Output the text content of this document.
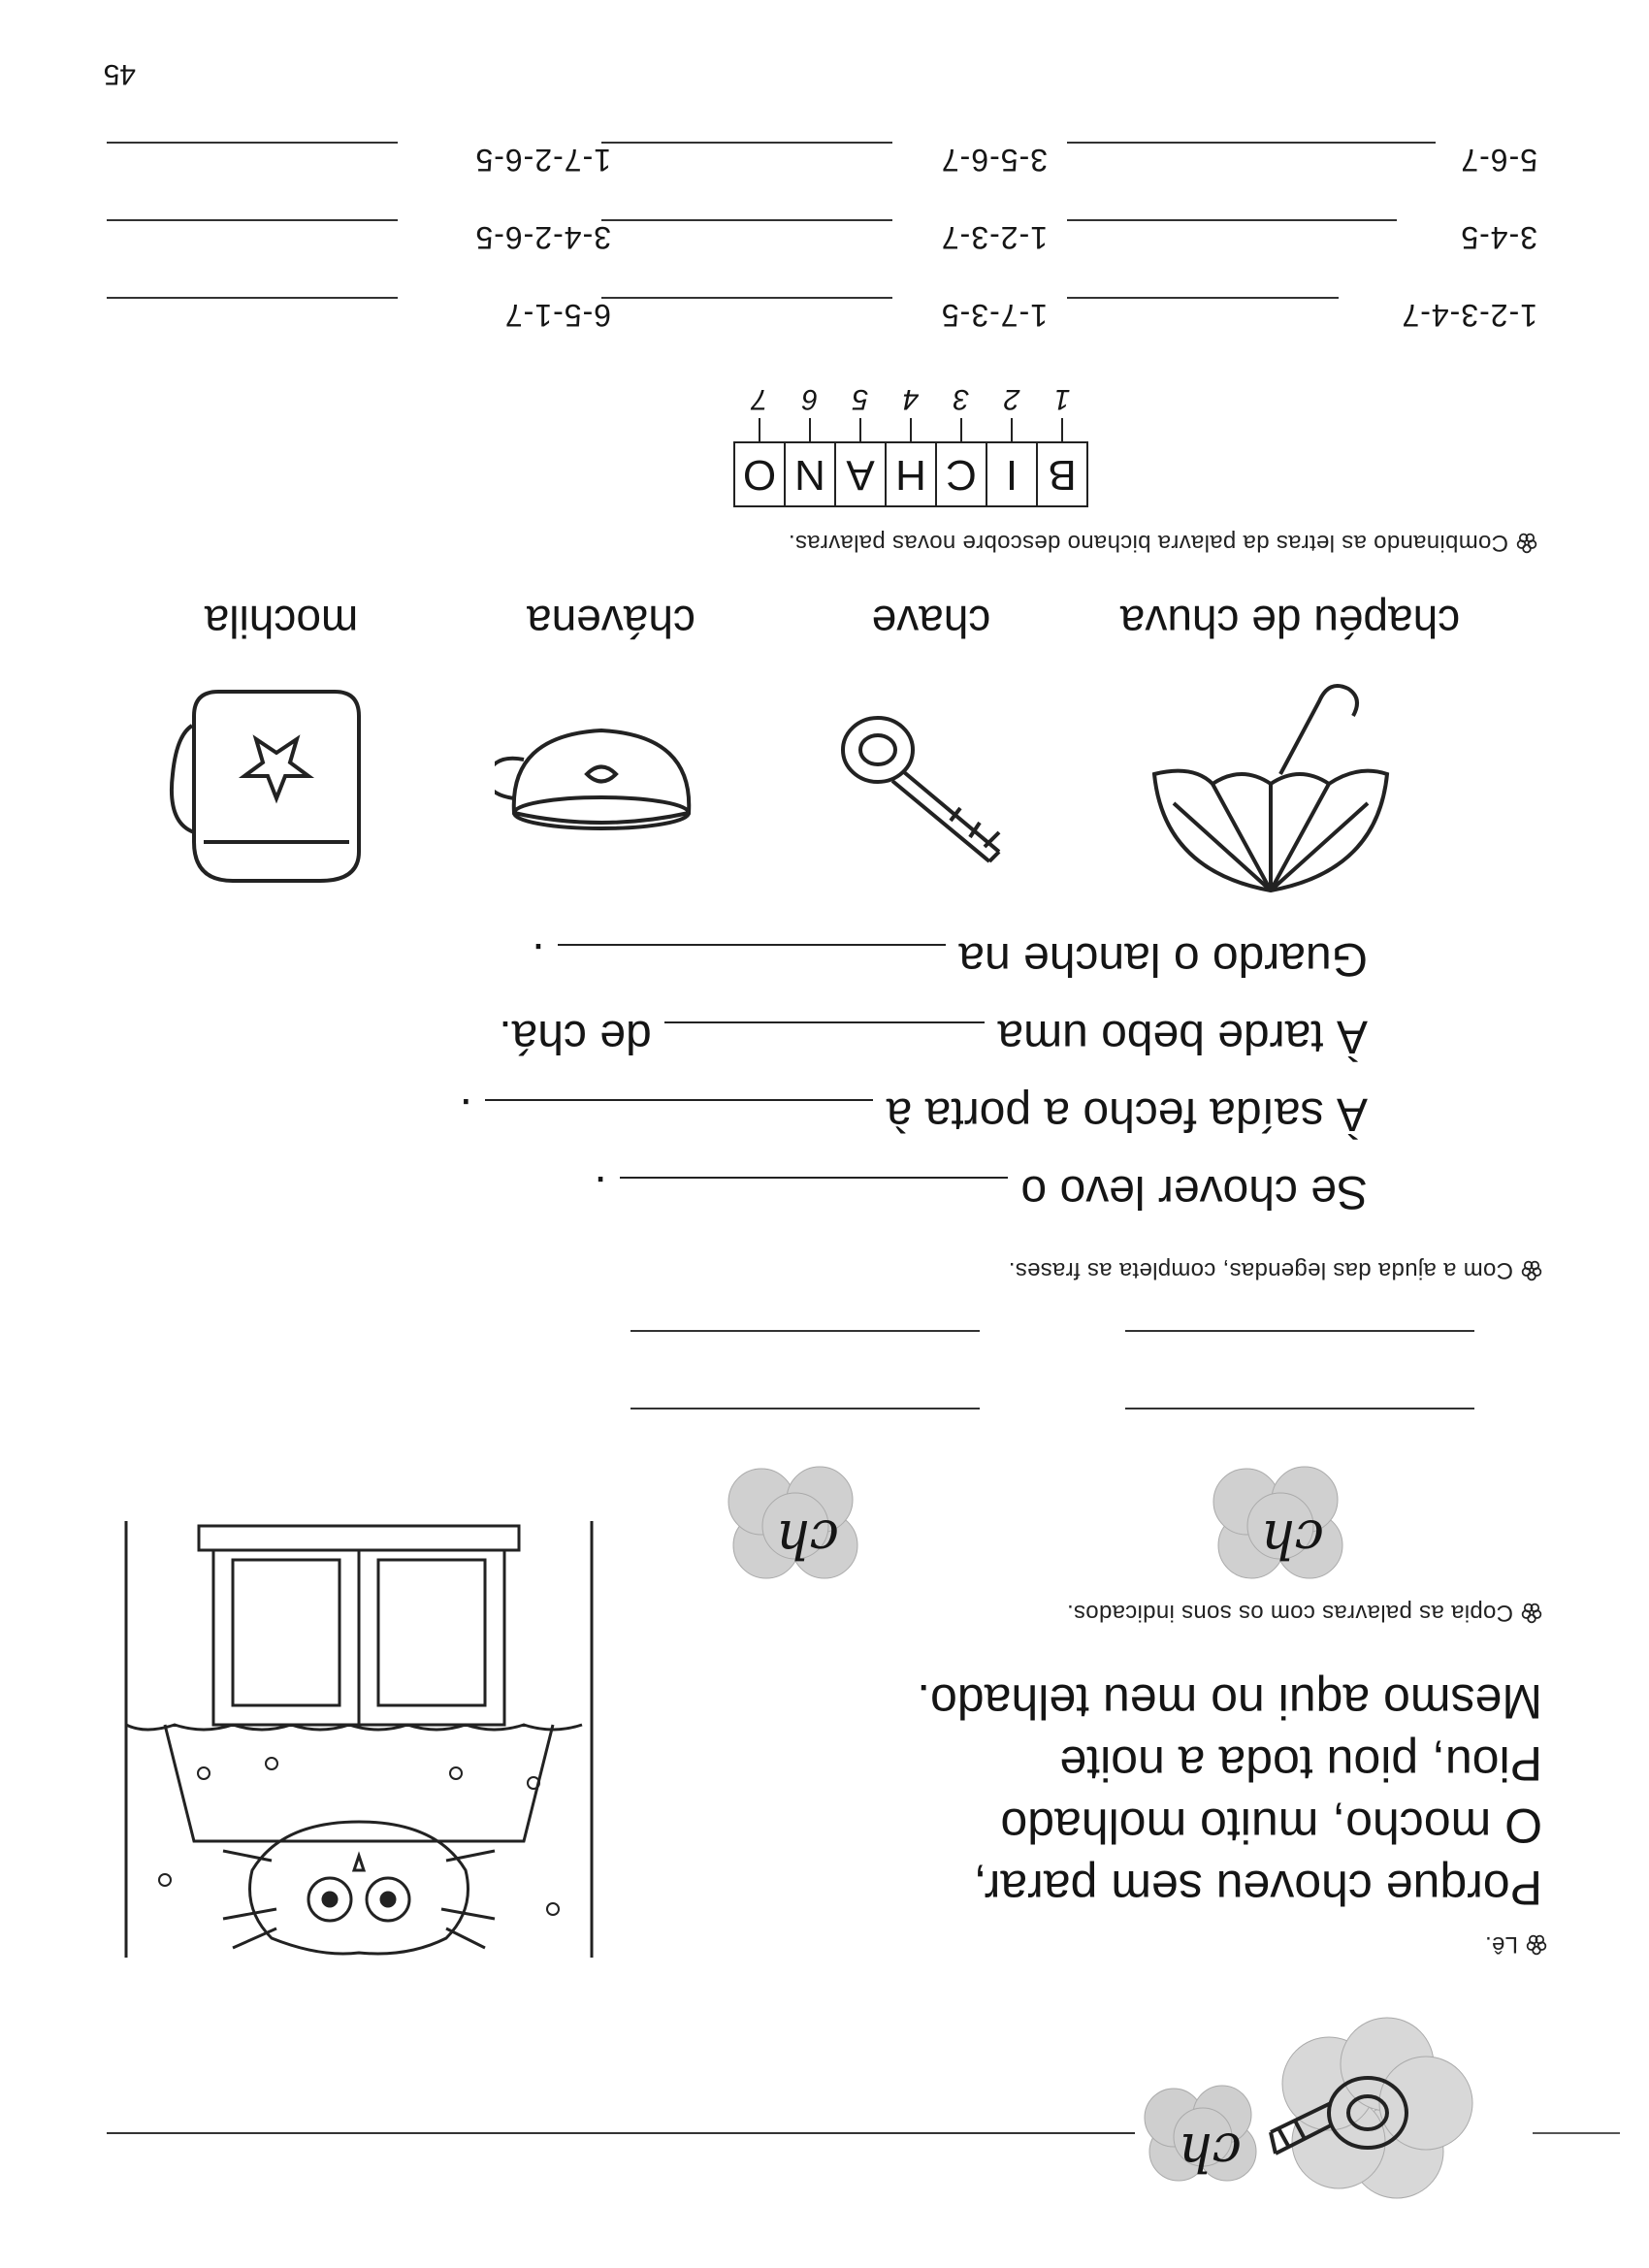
ch
Lê.
Porque choveu sem parar,
O mocho, muito molhado
Piou, piou toda a noite
Mesmo aqui no meu telhado.
Copia as palavras com os sons indicados.
ch
ch
Com a ajuda das legendas, completa as frases.
Se chover levo o  .
À saída fecho a porta à  .
À tarde bebo uma  de chá.
Guardo o lanche na  .
chapéu de chuva
chave
chávena
mochila
Combinando as letras da palavra bichano descobre novas palavras.
B
I
C
H
A
N
O
1
2
3
4
5
6
7
1-2-3-4-7
1-7-3-5
6-5-1-7
3-4-5
1-2-3-7
3-4-2-6-5
5-6-7
3-5-6-7
1-7-2-6-5
45
